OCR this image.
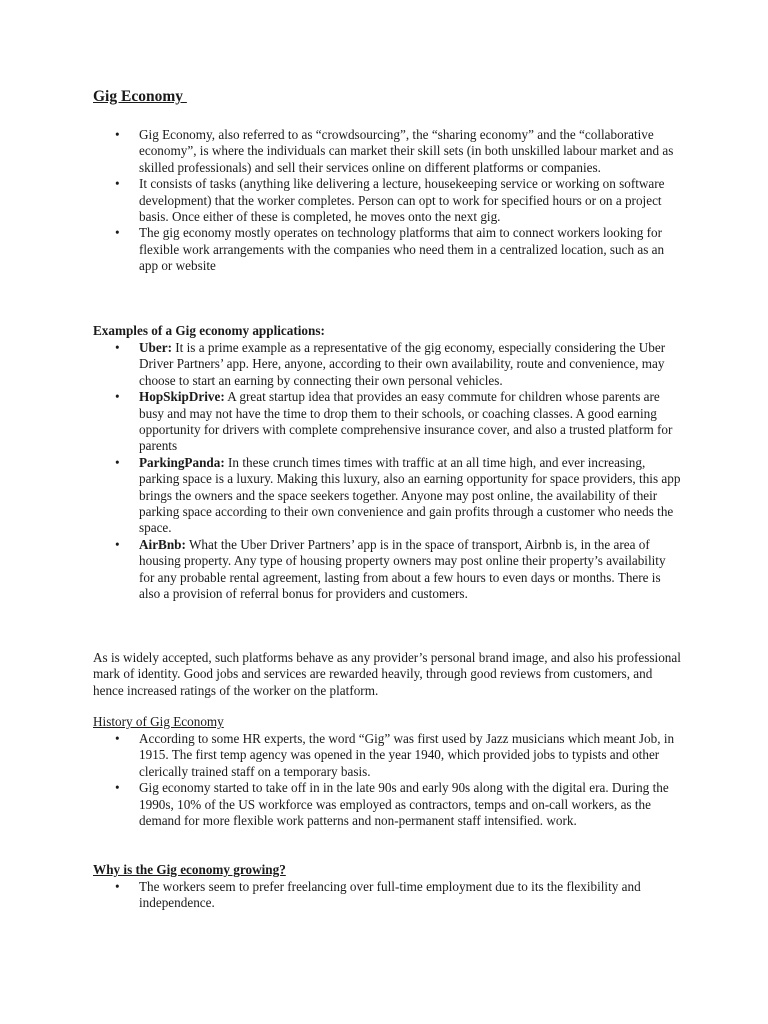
Gig Economy
• Gig Economy, also referred to as “crowdsourcing”, the “sharing economy” and the “collaborative economy”, is where the individuals can market their skill sets (in both unskilled labour market and as skilled professionals) and sell their services online on different platforms or companies.
• It consists of tasks (anything like delivering a lecture, housekeeping service or working on software development) that the worker completes. Person can opt to work for specified hours or on a project basis. Once either of these is completed, he moves onto the next gig.
• The gig economy mostly operates on technology platforms that aim to connect workers looking for flexible work arrangements with the companies who need them in a centralized location, such as an app or website
Examples of a Gig economy applications:
• Uber: It is a prime example as a representative of the gig economy, especially considering the Uber Driver Partners’ app. Here, anyone, according to their own availability, route and convenience, may choose to start an earning by connecting their own personal vehicles.
• HopSkipDrive: A great startup idea that provides an easy commute for children whose parents are busy and may not have the time to drop them to their schools, or coaching classes. A good earning opportunity for drivers with complete comprehensive insurance cover, and also a trusted platform for parents
• ParkingPanda: In these crunch times times with traffic at an all time high, and ever increasing, parking space is a luxury. Making this luxury, also an earning opportunity for space providers, this app brings the owners and the space seekers together. Anyone may post online, the availability of their parking space according to their own convenience and gain profits through a customer who needs the space.
• AirBnb: What the Uber Driver Partners’ app is in the space of transport, Airbnb is, in the area of housing property. Any type of housing property owners may post online their property’s availability for any probable rental agreement, lasting from about a few hours to even days or months. There is also a provision of referral bonus for providers and customers.
As is widely accepted, such platforms behave as any provider’s personal brand image, and also his professional mark of identity. Good jobs and services are rewarded heavily, through good reviews from customers, and hence increased ratings of the worker on the platform.
History of Gig Economy
• According to some HR experts, the word “Gig” was first used by Jazz musicians which meant Job, in 1915. The first temp agency was opened in the year 1940, which provided jobs to typists and other clerically trained staff on a temporary basis.
• Gig economy started to take off in in the late 90s and early 90s along with the digital era. During the 1990s, 10% of the US workforce was employed as contractors, temps and on-call workers, as the demand for more flexible work patterns and non-permanent staff intensified. work.
Why is the Gig economy growing?
• The workers seem to prefer freelancing over full-time employment due to its the flexibility and independence.
